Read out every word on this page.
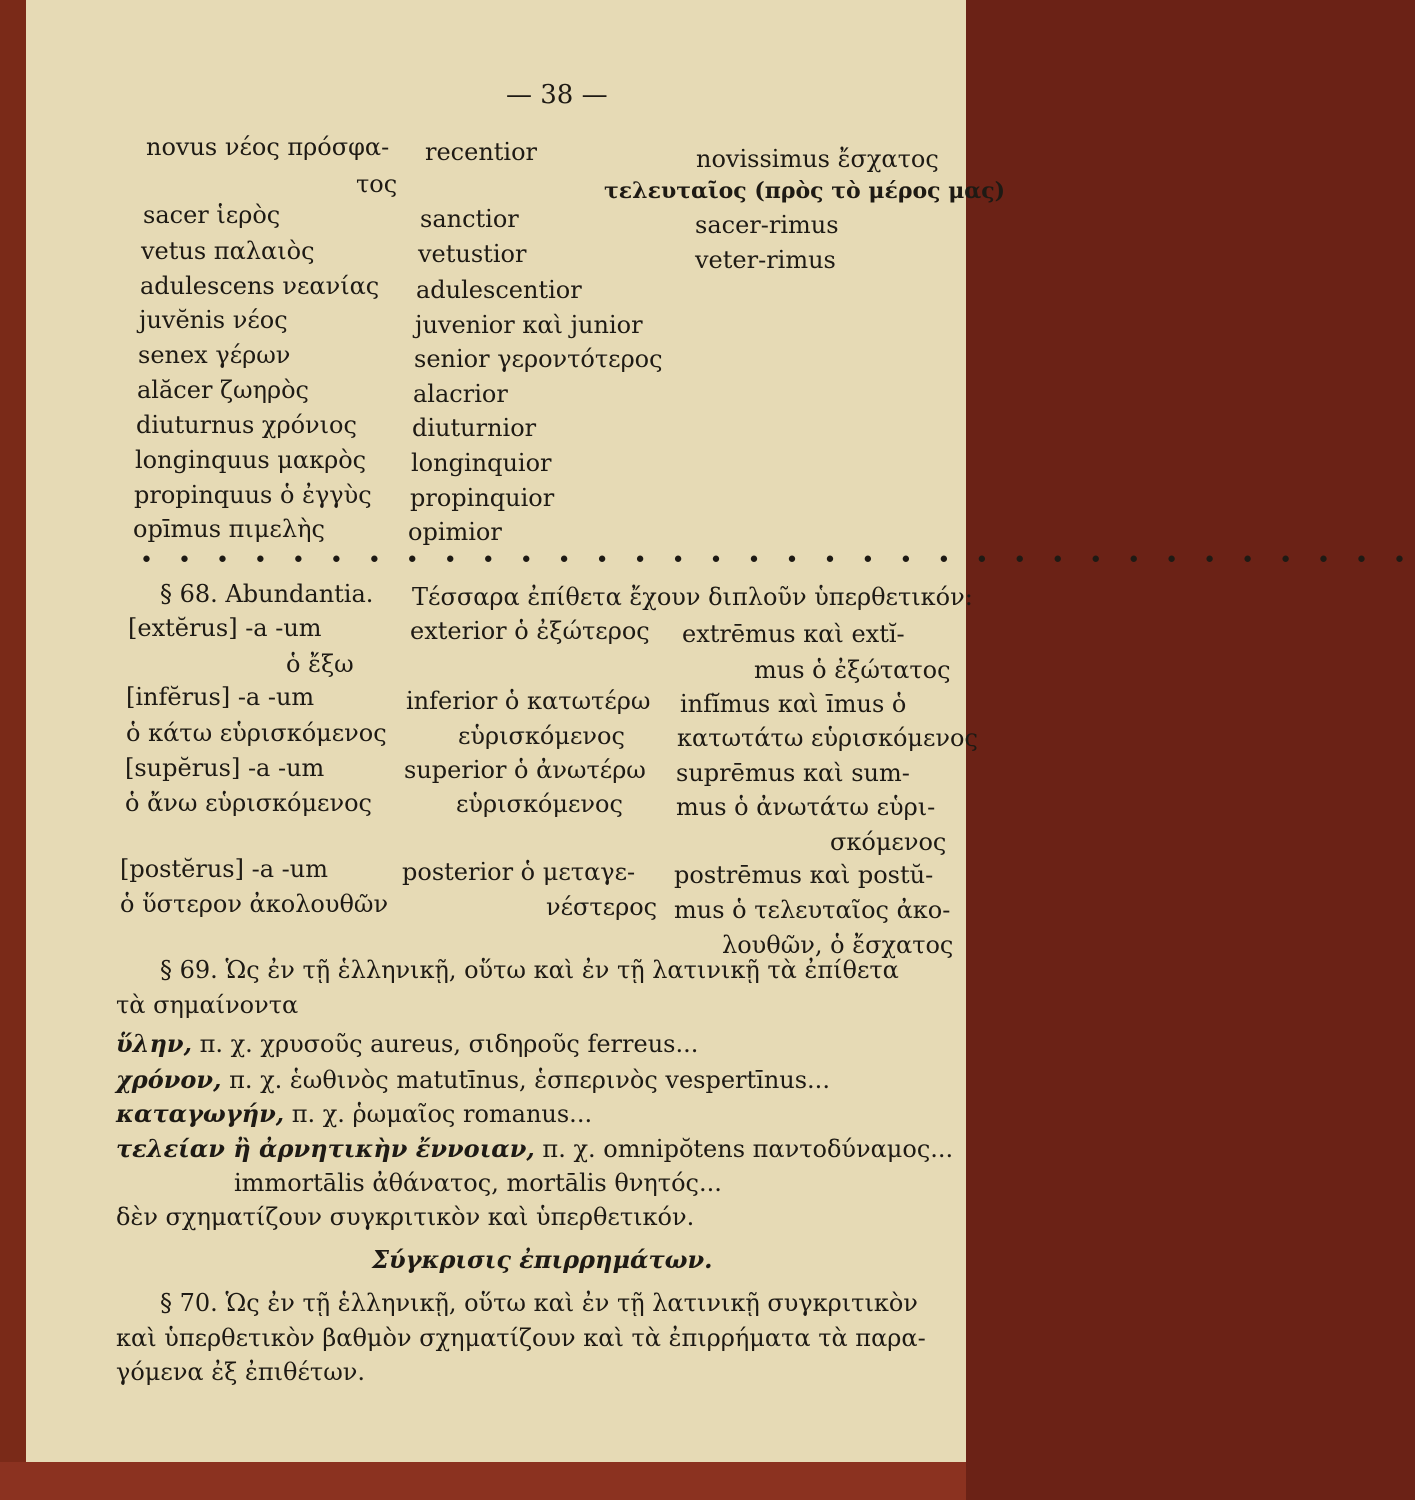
— 38 —
novus νέος πρόσφα-
τος
sacer ἱερὸς
vetus παλαιὸς
adulescens νεανίας
juvĕnis νέος
senex γέρων
alăcer ζωηρὸς
diuturnus χρόνιος
longinquus μακρὸς
propinquus ὁ ἐγγὺς
opīmus πιμελὴς
recentior
sanctior
vetustior
adulescentior
juvenior καὶ junior
senior γεροντότερος
alacrior
diuturnior
longinquior
propinquior
opimior
novissimus ἔσχατος
τελευταῖος (πρὸς τὸ μέρος μας)
sacer-rimus
veter-rimus
• • • • • • • • • • • • • • • • • • • • • • • • • • • • • • • • • •
§ 68. Abundantia. Τέσσαρα ἐπίθετα ἔχουν διπλοῦν ὑπερθετικόν:
[extĕrus] -a -um
ὁ ἔξω
[infĕrus] -a -um
ὁ κάτω εὑρισκόμενος
[supĕrus] -a -um
ὁ ἄνω εὑρισκόμενος
[postĕrus] -a -um
ὁ ὕστερον ἀκολουθῶν
exterior ὁ ἐξώτερος
inferior ὁ κατωτέρω
εὑρισκόμενος
superior ὁ ἀνωτέρω
εὑρισκόμενος
posterior ὁ μεταγε-
νέστερος
extrēmus καὶ extĭ-
mus ὁ ἐξώτατος
infĭmus καὶ īmus ὁ
κατωτάτω εὑρισκόμενος
suprēmus καὶ sum-
mus ὁ ἀνωτάτω εὑρι-
σκόμενος
postrēmus καὶ postŭ-
mus ὁ τελευταῖος ἀκο-
λουθῶν, ὁ ἔσχατος
§ 69. Ὡς ἐν τῇ ἑλληνικῇ, οὕτω καὶ ἐν τῇ λατινικῇ τὰ ἐπίθετα
τὰ σημαίνοντα
ὕλην, π. χ. χρυσοῦς aureus, σιδηροῦς ferreus...
χρόνον, π. χ. ἑωθινὸς matutīnus, ἑσπερινὸς vespertīnus...
καταγωγήν, π. χ. ῥωμαῖος romanus...
τελείαν ἢ ἀρνητικὴν ἔννοιαν, π. χ. omnipŏtens παντοδύναμος...
immortālis ἀθάνατος, mortālis θνητός...
δὲν σχηματίζουν συγκριτικὸν καὶ ὑπερθετικόν.
Σύγκρισις ἐπιρρημάτων.
§ 70. Ὡς ἐν τῇ ἑλληνικῇ, οὕτω καὶ ἐν τῇ λατινικῇ συγκριτικὸν
καὶ ὑπερθετικὸν βαθμὸν σχηματίζουν καὶ τὰ ἐπιρρήματα τὰ παρα-
γόμενα ἐξ ἐπιθέτων.
